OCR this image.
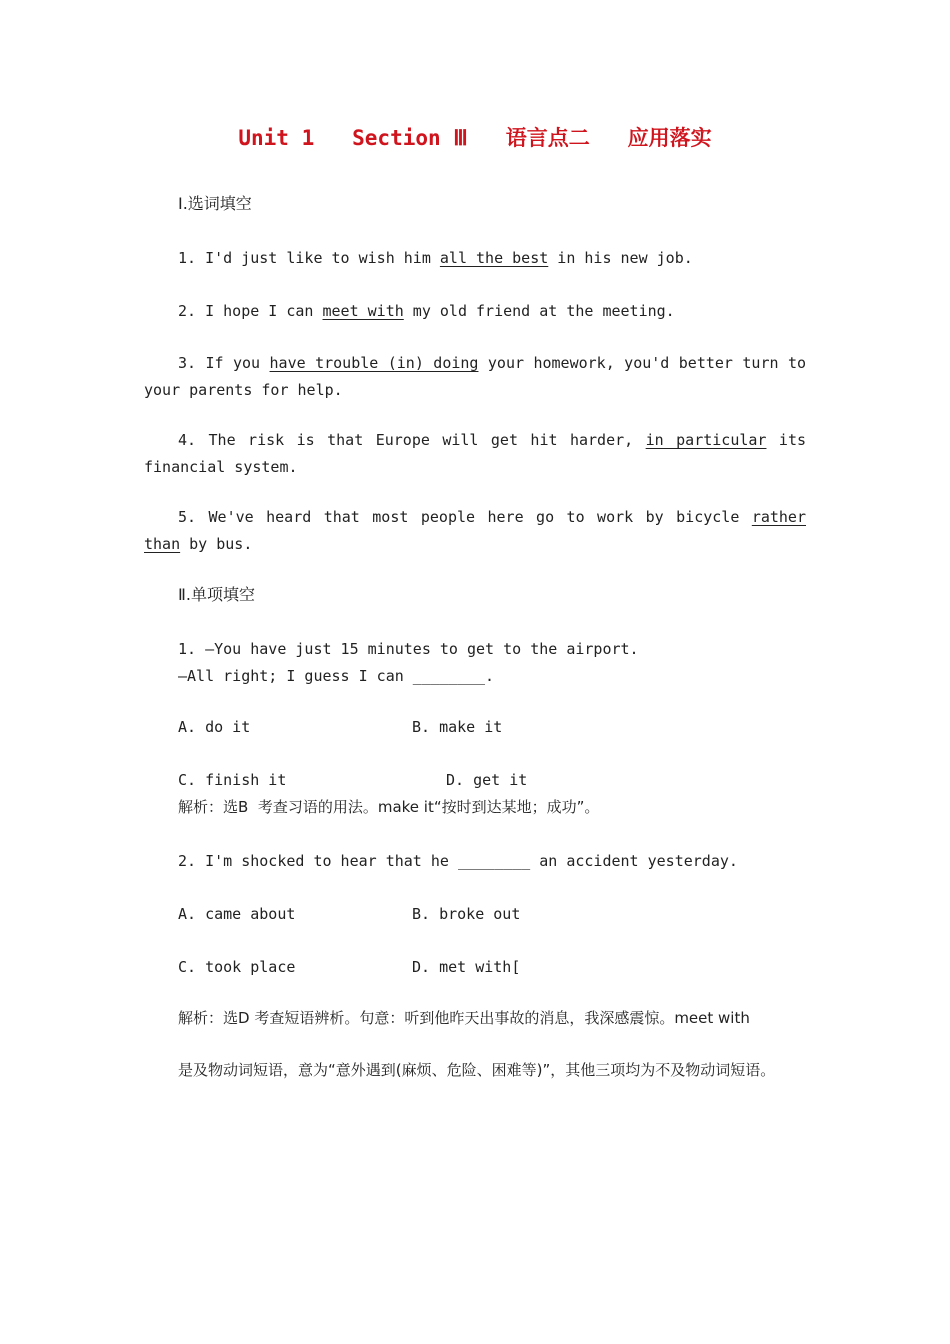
Unit 1   Section Ⅲ   语言点二   应用落实
Ⅰ.选词填空
1. I'd just like to wish him all the best in his new job.
2. I hope I can meet with my old friend at the meeting.
3. If you have trouble (in) doing your homework, you'd better turn to your parents for help.
4. The risk is that Europe will get hit harder, in particular its financial system.
5. We've heard that most people here go to work by bicycle rather than by bus.
Ⅱ.单项填空
1. —You have just 15 minutes to get to the airport.
—All right; I guess I can ________.
A. do it	B. make it
C. finish it	D. get it
解析：选B  考查习语的用法。make it“按时到达某地；成功”。
2. I'm shocked to hear that he ________ an accident yesterday.
A. came about	B. broke out
C. took place	D. met with[
解析：选D 考查短语辨析。句意：听到他昨天出事故的消息，我深感震惊。meet with
是及物动词短语，意为“意外遇到(麻烦、危险、困难等)”，其他三项均为不及物动词短语。
